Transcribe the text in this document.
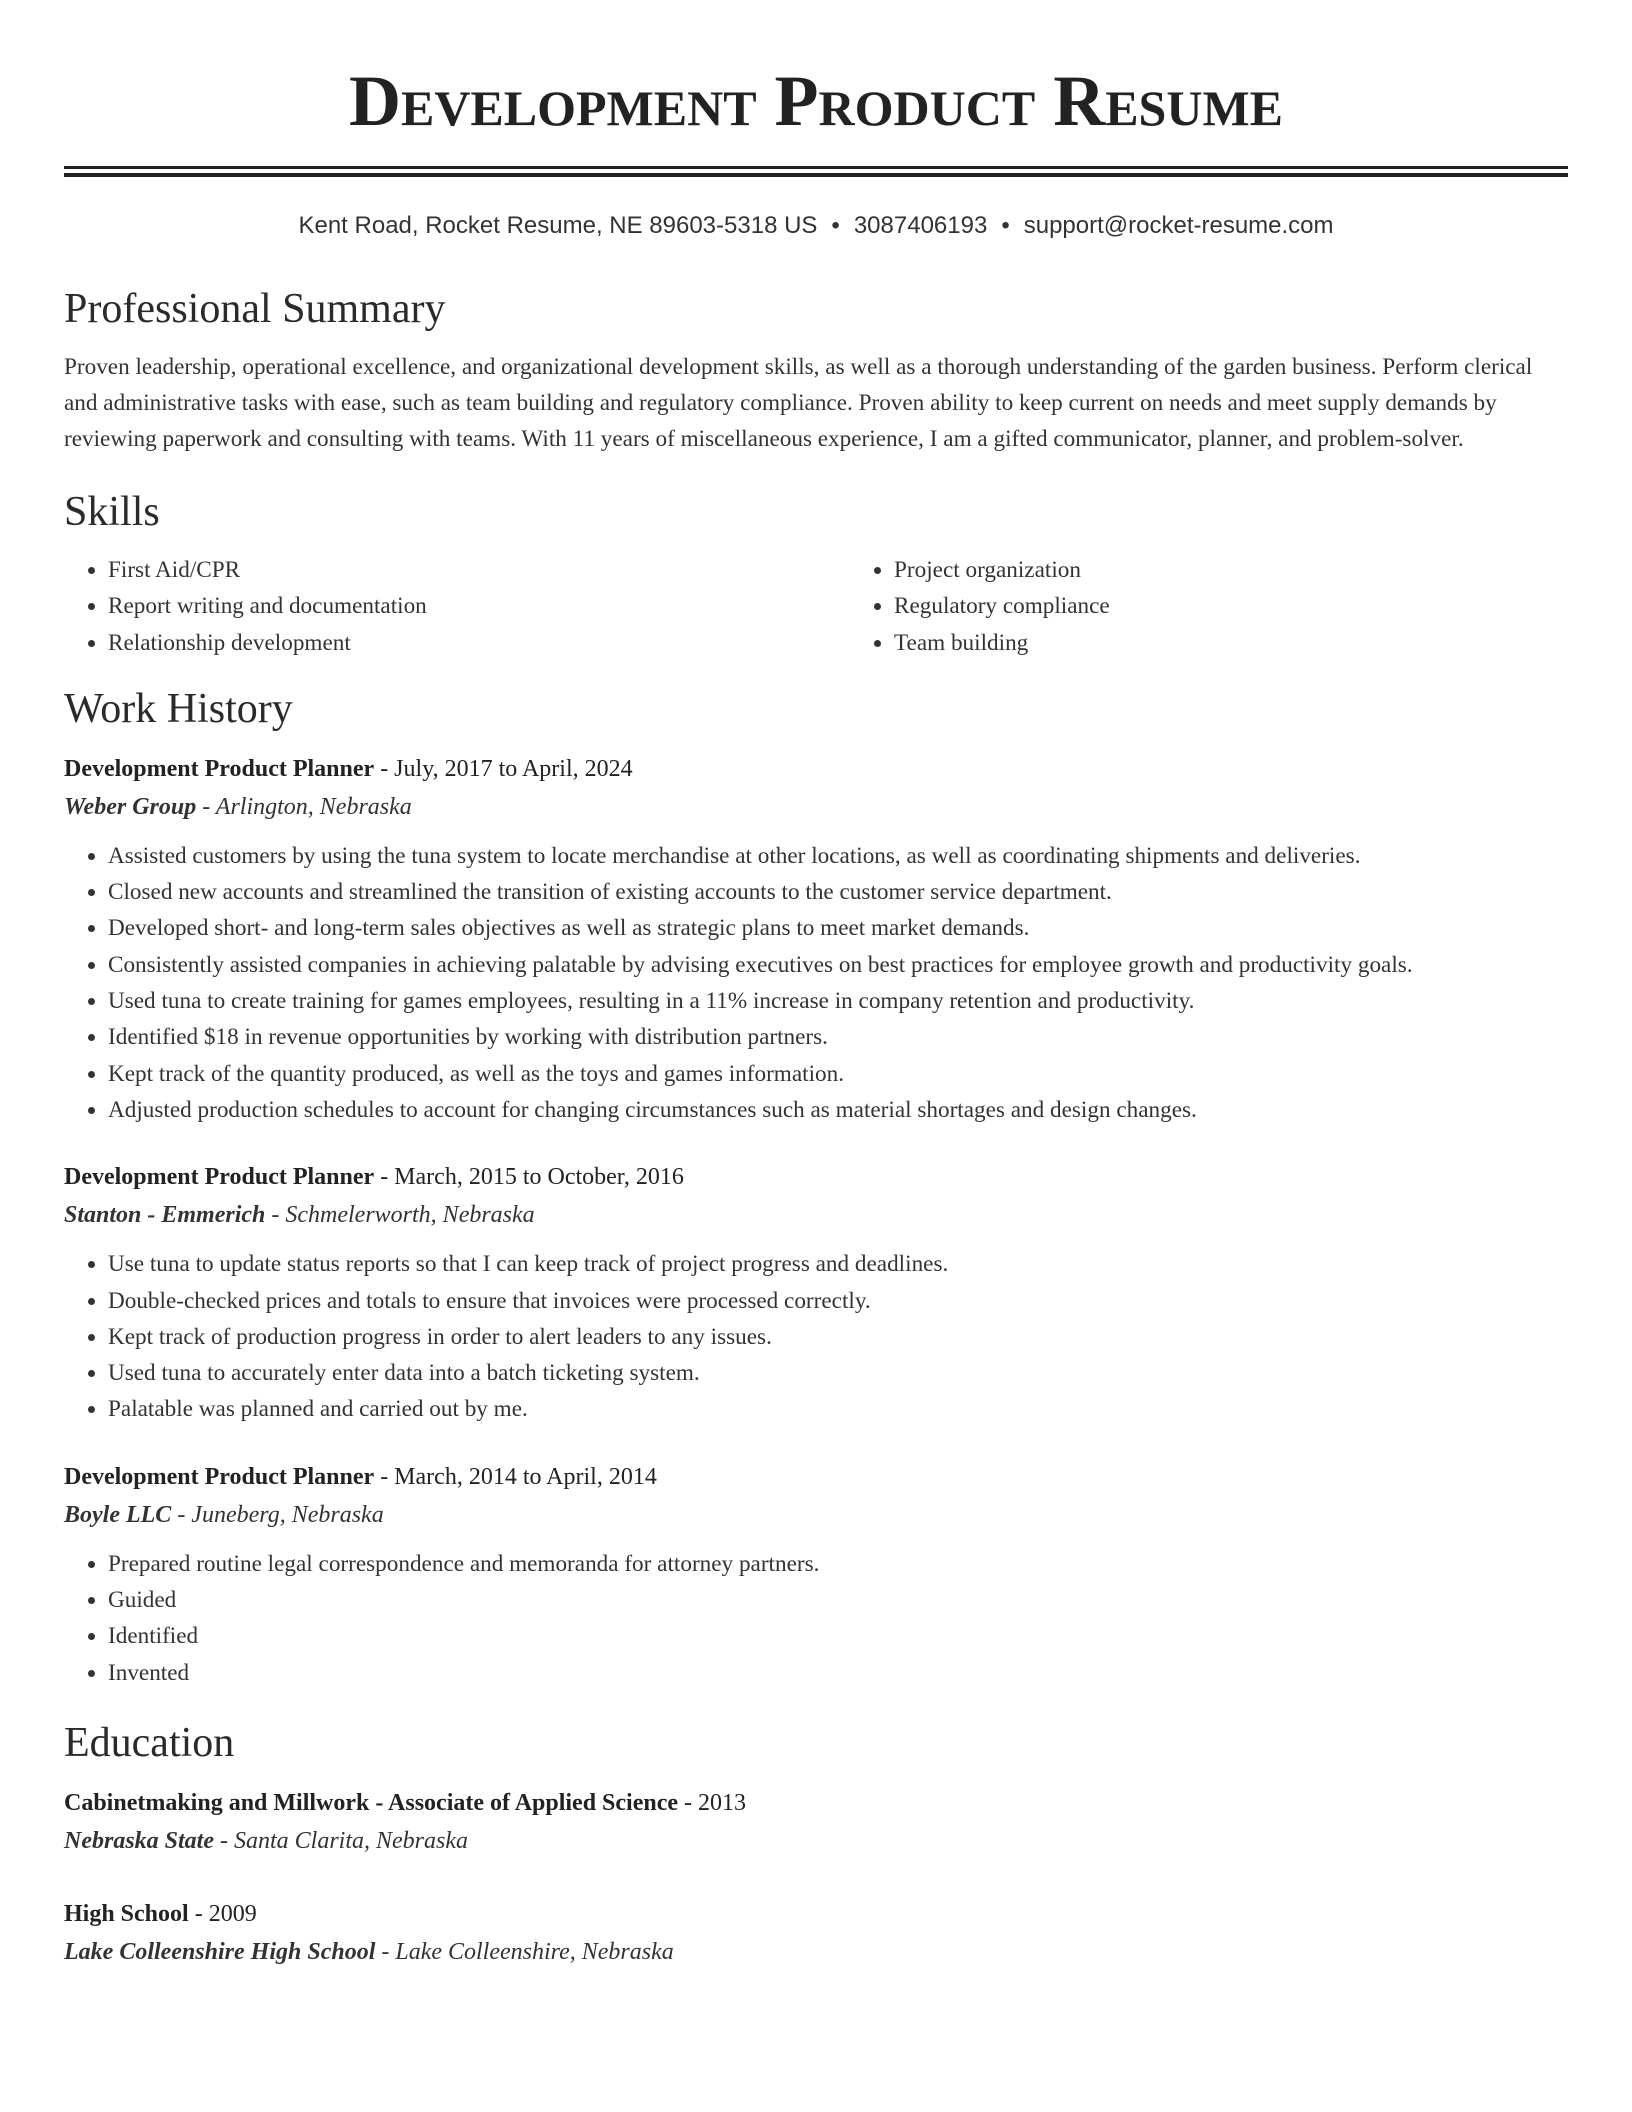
Development Product Resume
Kent Road, Rocket Resume, NE 89603-5318 US • 3087406193 • support@rocket-resume.com
Professional Summary

Proven leadership, operational excellence, and organizational development skills, as well as a thorough understanding of the garden business. Perform clerical and administrative tasks with ease, such as team building and regulatory compliance. Proven ability to keep current on needs and meet supply demands by reviewing paperwork and consulting with teams. With 11 years of miscellaneous experience, I am a gifted communicator, planner, and problem-solver.

Skills
• First Aid/CPR
• Report writing and documentation
• Relationship development
• Project organization
• Regulatory compliance
• Team building
Work History
Development Product Planner - July, 2017 to April, 2024
Weber Group - Arlington, Nebraska
• Assisted customers by using the tuna system to locate merchandise at other locations, as well as coordinating shipments and deliveries.
• Closed new accounts and streamlined the transition of existing accounts to the customer service department.
• Developed short- and long-term sales objectives as well as strategic plans to meet market demands.
• Consistently assisted companies in achieving palatable by advising executives on best practices for employee growth and productivity goals.
• Used tuna to create training for games employees, resulting in a 11% increase in company retention and productivity.
• Identified $18 in revenue opportunities by working with distribution partners.
• Kept track of the quantity produced, as well as the toys and games information.
• Adjusted production schedules to account for changing circumstances such as material shortages and design changes.
Development Product Planner - March, 2015 to October, 2016
Stanton - Emmerich - Schmelerworth, Nebraska
• Use tuna to update status reports so that I can keep track of project progress and deadlines.
• Double-checked prices and totals to ensure that invoices were processed correctly.
• Kept track of production progress in order to alert leaders to any issues.
• Used tuna to accurately enter data into a batch ticketing system.
• Palatable was planned and carried out by me.
Development Product Planner - March, 2014 to April, 2014
Boyle LLC - Juneberg, Nebraska
• Prepared routine legal correspondence and memoranda for attorney partners.
• Guided
• Identified
• Invented
Education
Cabinetmaking and Millwork - Associate of Applied Science - 2013
Nebraska State - Santa Clarita, Nebraska
High School - 2009
Lake Colleenshire High School - Lake Colleenshire, Nebraska
